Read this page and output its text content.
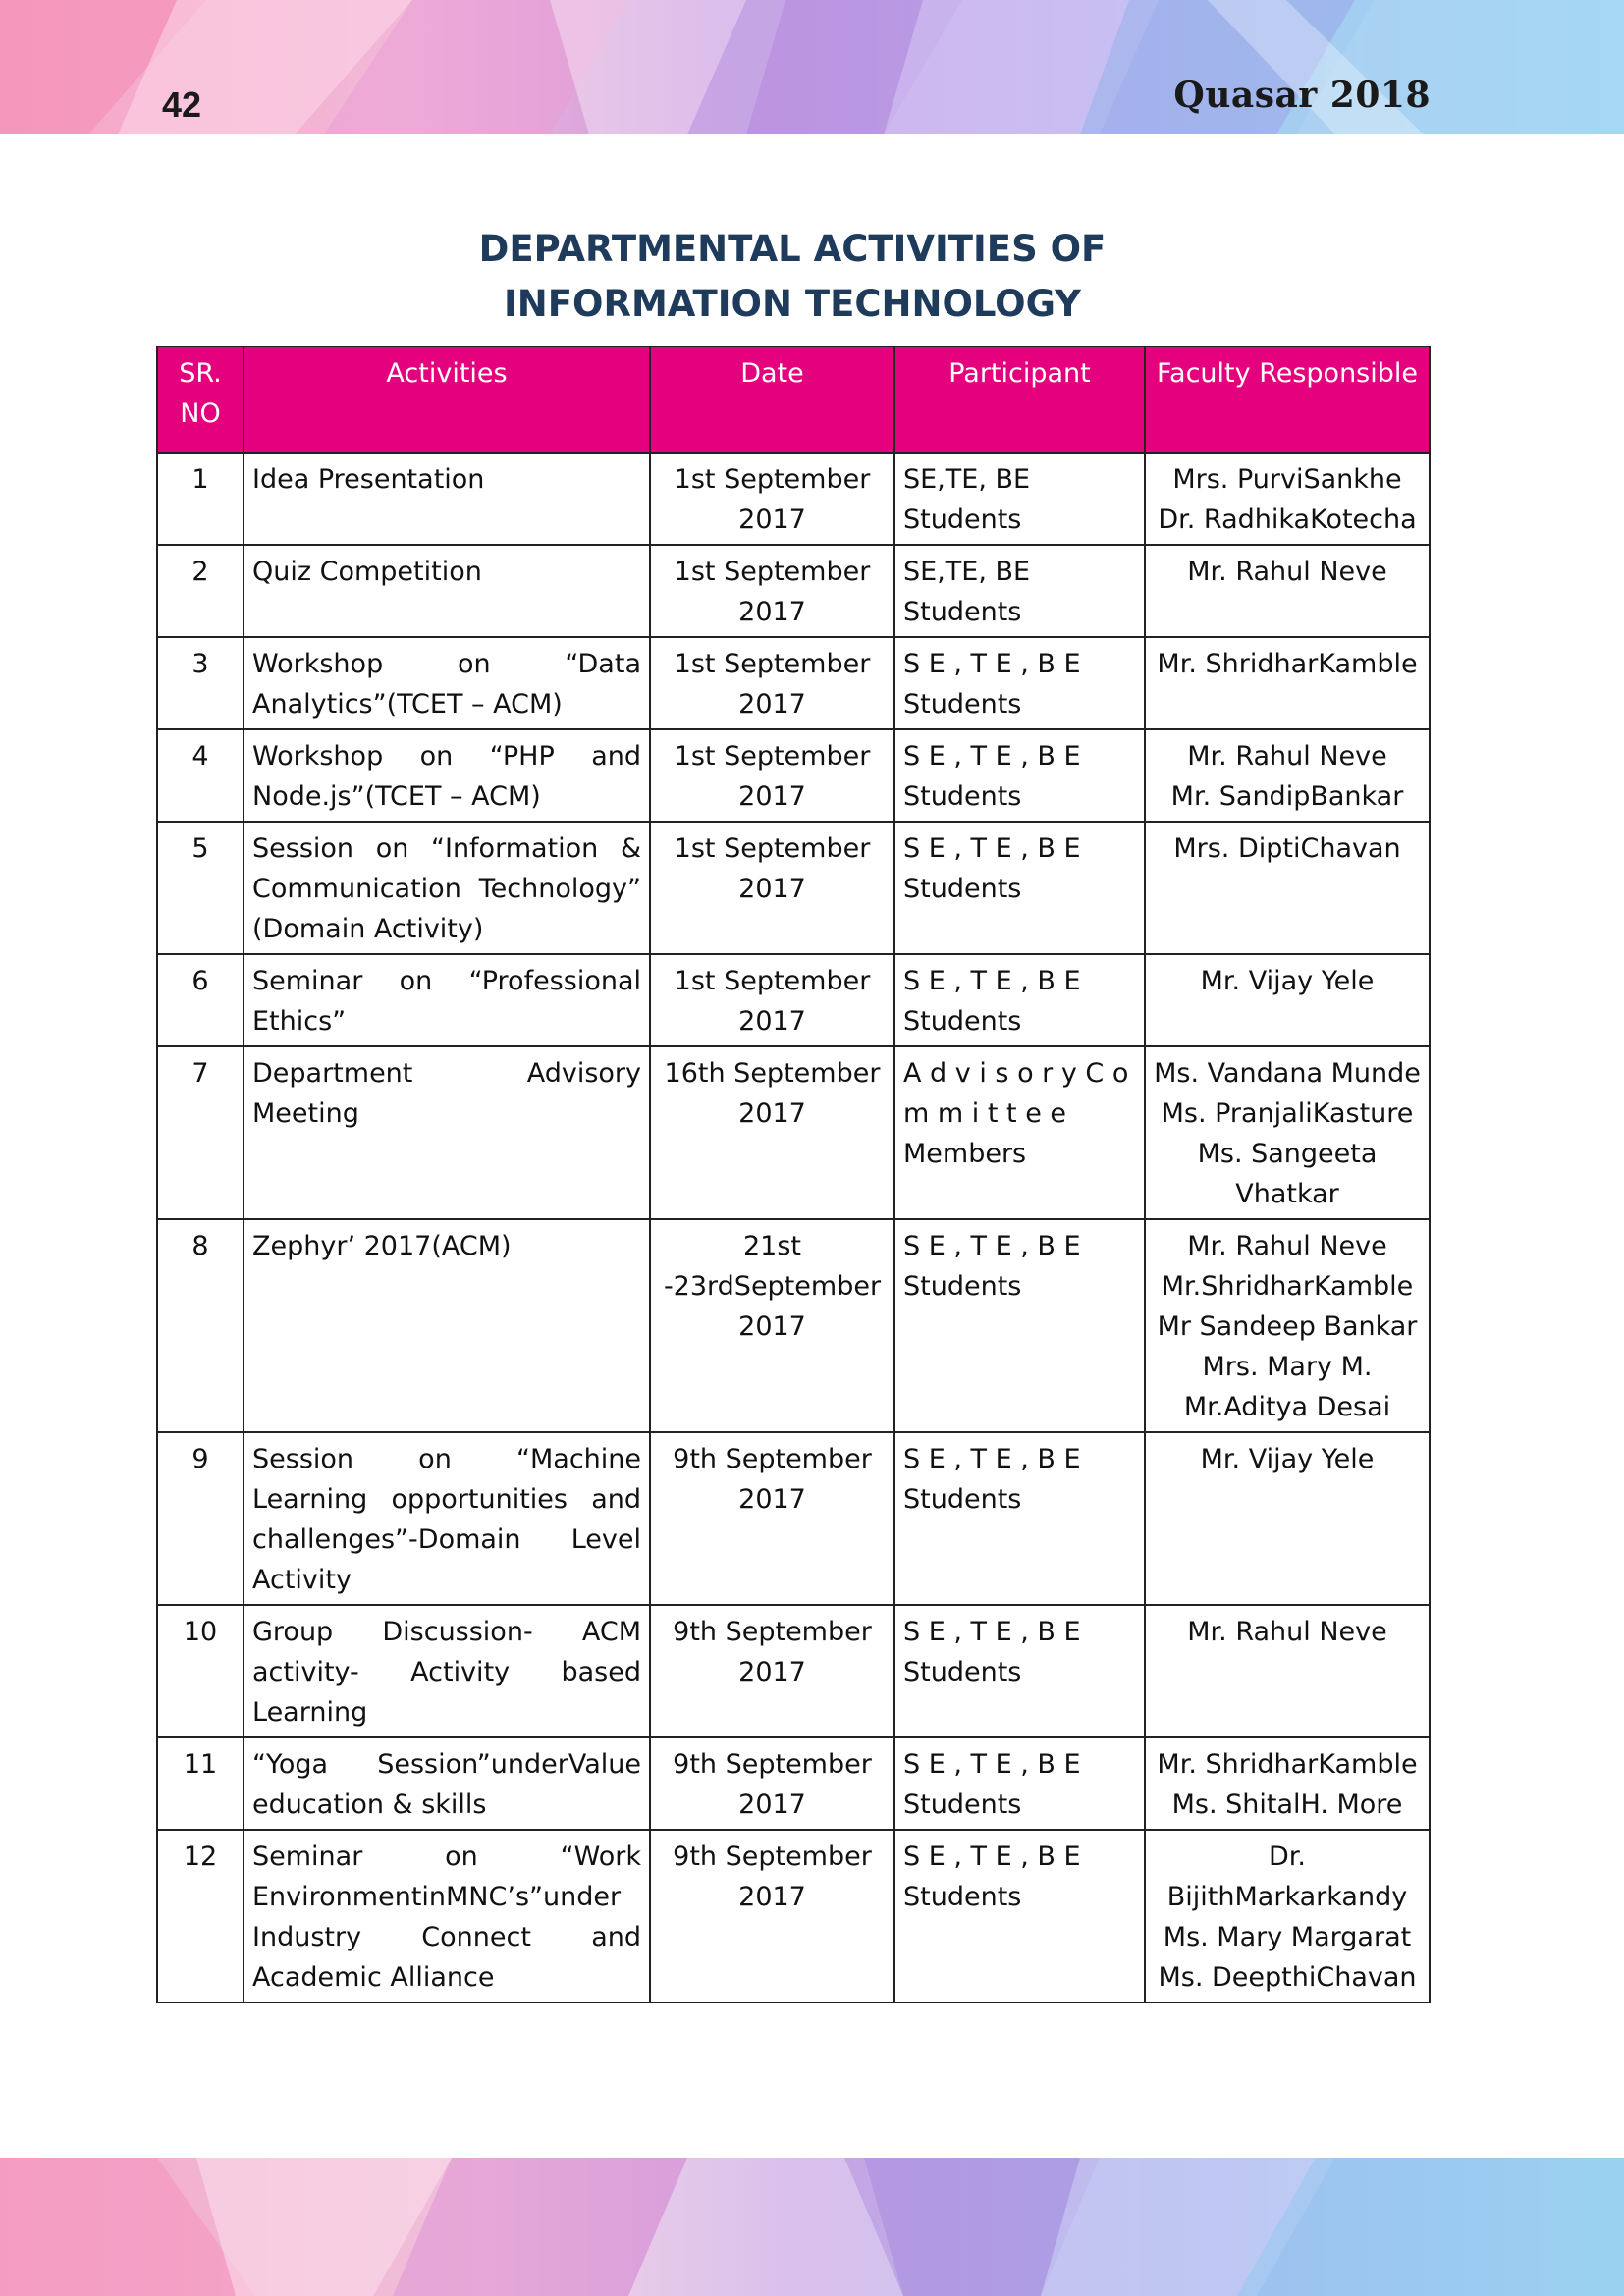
42	Quasar 2018
DEPARTMENTAL ACTIVITIES OF
INFORMATION TECHNOLOGY
SR. NO	Activities	Date	Participant	Faculty Responsible
1	Idea Presentation	1st September 2017	SE,TE, BE Students	Mrs. PurviSankhe
Dr. RadhikaKotecha

2	Quiz Competition	1st September 2017	SE,TE, BE Students	Mr. Rahul Neve

3	Workshop on “Data Analytics”(TCET – ACM)	1st September 2017	S E , T E , B E Students	Mr. ShridharKamble

4	Workshop on “PHP and Node.js”(TCET – ACM)	1st September 2017	S E , T E , B E Students	Mr. Rahul Neve
Mr. SandipBankar

5	Session on “Information & Communication Technology” (Domain Activity)	1st September 2017	S E , T E , B E Students	Mrs. DiptiChavan

6	Seminar on “Professional Ethics”	1st September 2017	S E , T E , B E Students	Mr. Vijay Yele

7	Department Advisory Meeting	16th September 2017	A d v i s o r y C o m m i t t e e Members	Ms. Vandana Munde
Ms. PranjaliKasture
Ms. Sangeeta Vhatkar

8	Zephyr’ 2017(ACM)	21st -23rdSeptember 2017	S E , T E , B E Students	Mr. Rahul Neve
Mr.ShridharKamble
Mr Sandeep Bankar
Mrs. Mary M.
Mr.Aditya Desai

9	Session on “Machine Learning opportunities and challenges”-Domain Level Activity	9th September 2017	S E , T E , B E Students	Mr. Vijay Yele

10	Group Discussion- ACM activity- Activity based Learning	9th September 2017	S E , T E , B E Students	Mr. Rahul Neve

11	“Yoga Session”underValue education & skills	9th September 2017	S E , T E , B E Students	Mr. ShridharKamble
Ms. ShitalH. More

12	Seminar on “Work EnvironmentinMNC’s”under Industry Connect and Academic Alliance	9th September 2017	S E , T E , B E Students	Dr. BijithMarkarkandy
Ms. Mary Margarat
Ms. DeepthiChavan
